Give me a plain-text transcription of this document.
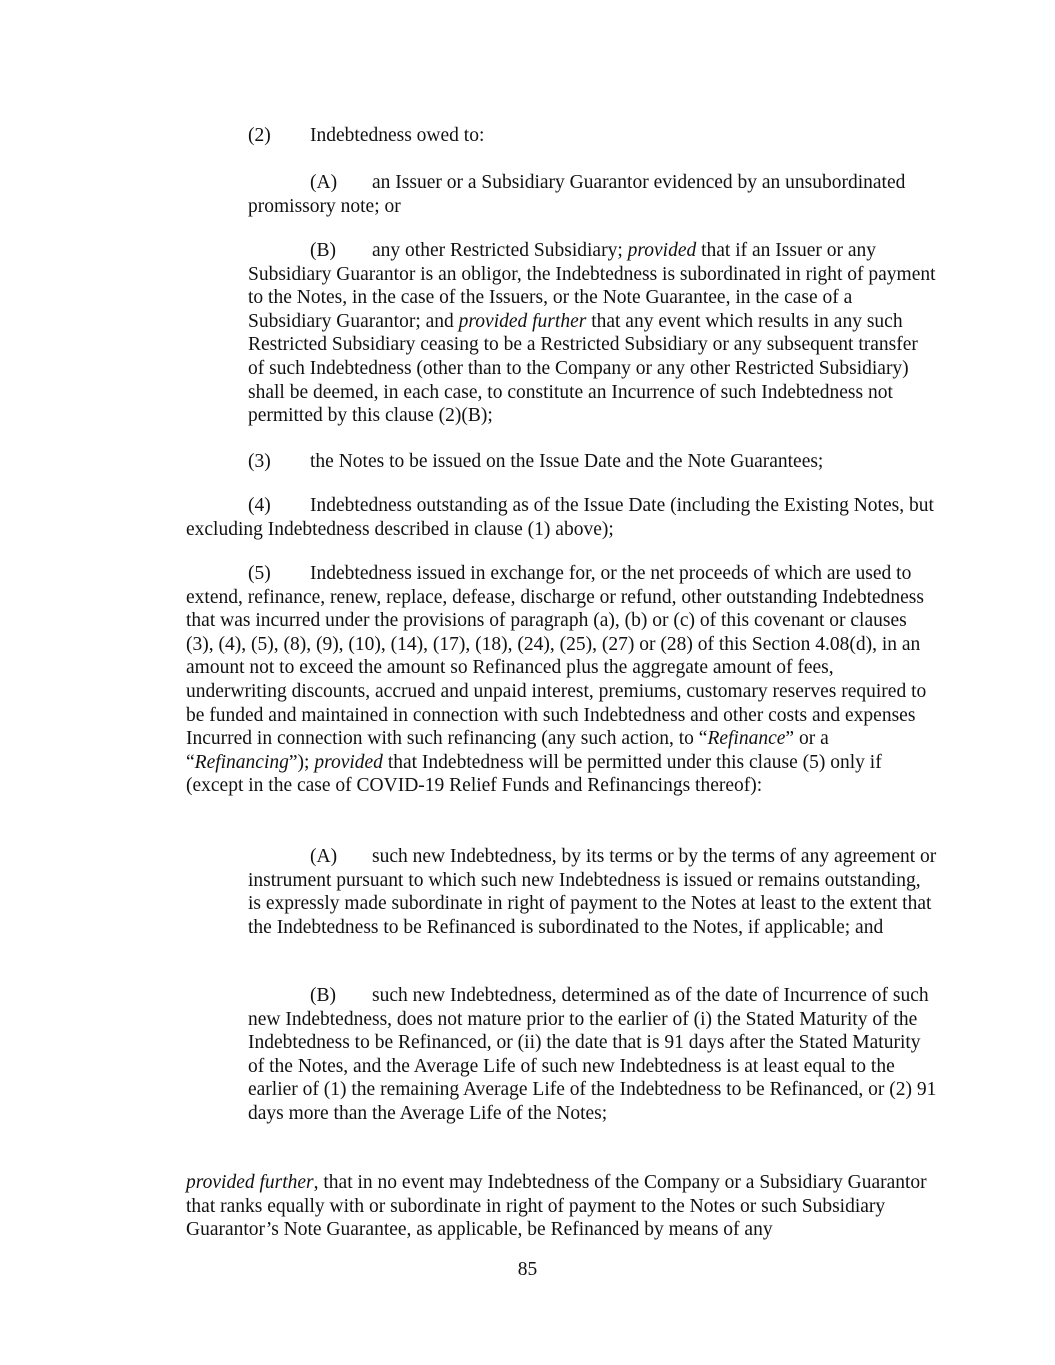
(2) Indebtedness owed to:

(A) an Issuer or a Subsidiary Guarantor evidenced by an unsubordinated promissory note; or

(B) any other Restricted Subsidiary; provided that if an Issuer or any Subsidiary Guarantor is an obligor, the Indebtedness is subordinated in right of payment to the Notes, in the case of the Issuers, or the Note Guarantee, in the case of a Subsidiary Guarantor; and provided further that any event which results in any such Restricted Subsidiary ceasing to be a Restricted Subsidiary or any subsequent transfer of such Indebtedness (other than to the Company or any other Restricted Subsidiary) shall be deemed, in each case, to constitute an Incurrence of such Indebtedness not permitted by this clause (2)(B);

(3) the Notes to be issued on the Issue Date and the Note Guarantees;

(4) Indebtedness outstanding as of the Issue Date (including the Existing Notes, but excluding Indebtedness described in clause (1) above);

(5) Indebtedness issued in exchange for, or the net proceeds of which are used to extend, refinance, renew, replace, defease, discharge or refund, other outstanding Indebtedness that was incurred under the provisions of paragraph (a), (b) or (c) of this covenant or clauses (3), (4), (5), (8), (9), (10), (14), (17), (18), (24), (25), (27) or (28) of this Section 4.08(d), in an amount not to exceed the amount so Refinanced plus the aggregate amount of fees, underwriting discounts, accrued and unpaid interest, premiums, customary reserves required to be funded and maintained in connection with such Indebtedness and other costs and expenses Incurred in connection with such refinancing (any such action, to “Refinance” or a “Refinancing”); provided that Indebtedness will be permitted under this clause (5) only if (except in the case of COVID-19 Relief Funds and Refinancings thereof):

(A) such new Indebtedness, by its terms or by the terms of any agreement or instrument pursuant to which such new Indebtedness is issued or remains outstanding, is expressly made subordinate in right of payment to the Notes at least to the extent that the Indebtedness to be Refinanced is subordinated to the Notes, if applicable; and

(B) such new Indebtedness, determined as of the date of Incurrence of such new Indebtedness, does not mature prior to the earlier of (i) the Stated Maturity of the Indebtedness to be Refinanced, or (ii) the date that is 91 days after the Stated Maturity of the Notes, and the Average Life of such new Indebtedness is at least equal to the earlier of (1) the remaining Average Life of the Indebtedness to be Refinanced, or (2) 91 days more than the Average Life of the Notes;

provided further, that in no event may Indebtedness of the Company or a Subsidiary Guarantor that ranks equally with or subordinate in right of payment to the Notes or such Subsidiary Guarantor’s Note Guarantee, as applicable, be Refinanced by means of any

85
